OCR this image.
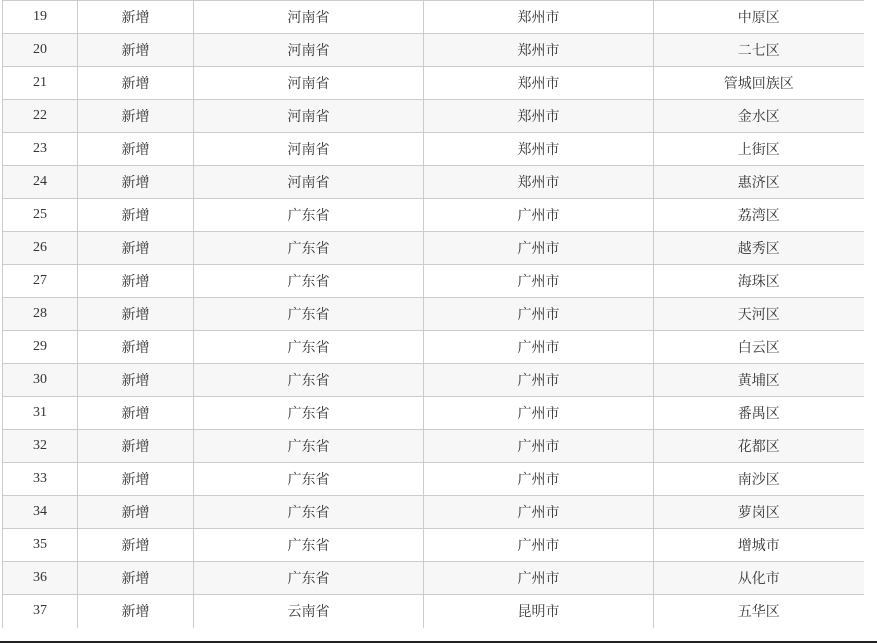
19	新增	河南省	郑州市	中原区
20	新增	河南省	郑州市	二七区
21	新增	河南省	郑州市	管城回族区
22	新增	河南省	郑州市	金水区
23	新增	河南省	郑州市	上街区
24	新增	河南省	郑州市	惠济区
25	新增	广东省	广州市	荔湾区
26	新增	广东省	广州市	越秀区
27	新增	广东省	广州市	海珠区
28	新增	广东省	广州市	天河区
29	新增	广东省	广州市	白云区
30	新增	广东省	广州市	黄埔区
31	新增	广东省	广州市	番禺区
32	新增	广东省	广州市	花都区
33	新增	广东省	广州市	南沙区
34	新增	广东省	广州市	萝岗区
35	新增	广东省	广州市	增城市
36	新增	广东省	广州市	从化市
37	新增	云南省	昆明市	五华区
